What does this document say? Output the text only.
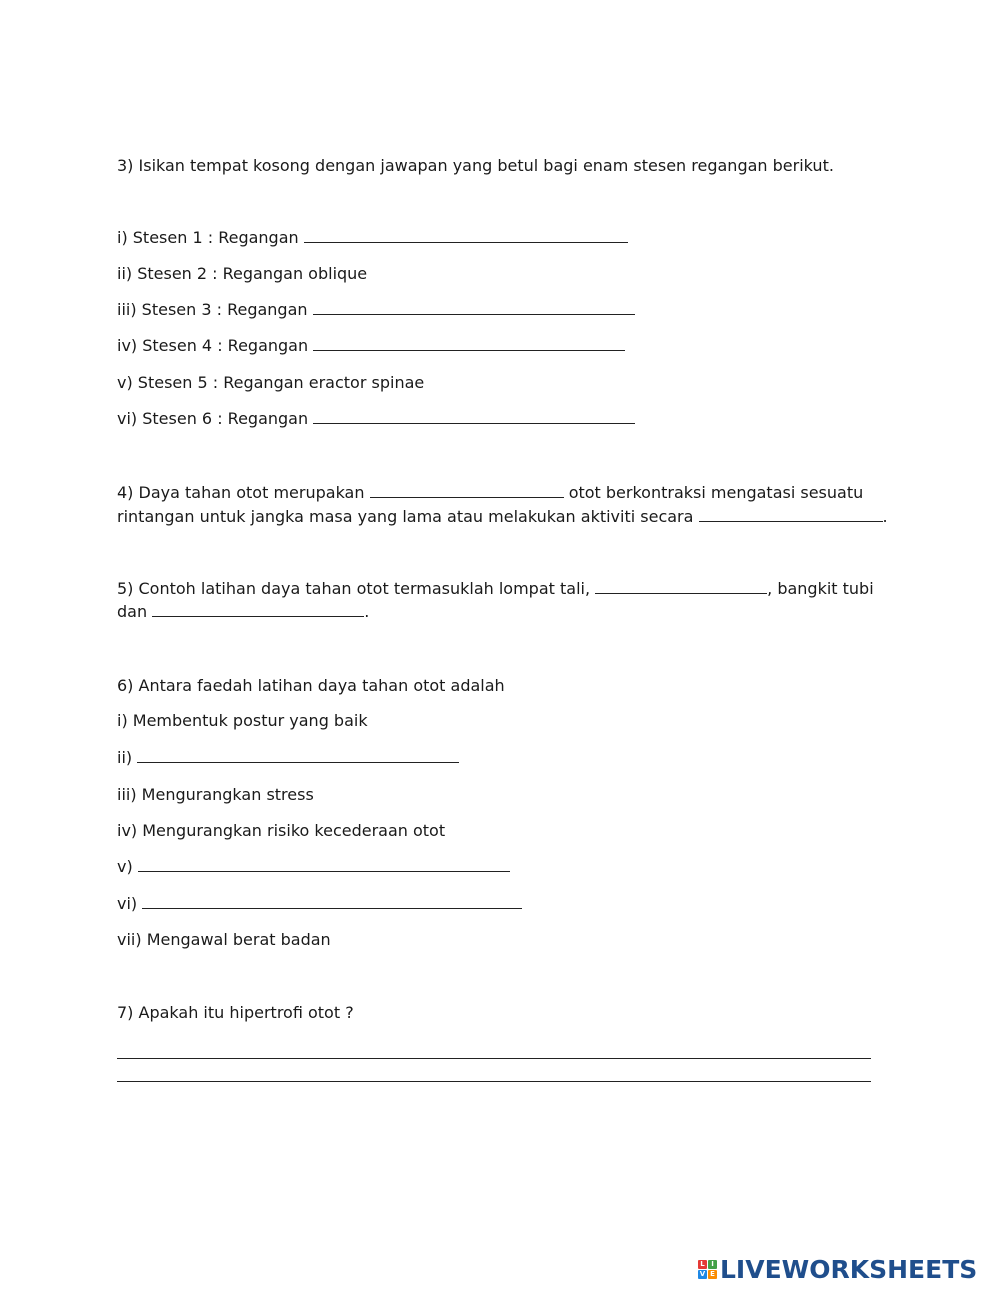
3) Isikan tempat kosong dengan jawapan yang betul bagi enam stesen regangan berikut.
i) Stesen 1 : Regangan
ii) Stesen 2 : Regangan oblique
iii) Stesen 3 : Regangan
iv) Stesen 4 : Regangan
v) Stesen 5 : Regangan eractor spinae
vi) Stesen 6 : Regangan
4) Daya tahan otot merupakan	otot berkontraksi mengatasi sesuatu
rintangan untuk jangka masa yang lama atau melakukan aktiviti secara	.
5) Contoh latihan daya tahan otot termasuklah lompat tali,	, bangkit tubi
dan	.
6) Antara faedah latihan daya tahan otot adalah
i) Membentuk postur yang baik
ii)
iii) Mengurangkan stress
iv) Mengurangkan risiko kecederaan otot
v)
vi)
vii) Mengawal berat badan
7) Apakah itu hipertrofi otot ?
L I
V E LIVEWORKSHEETS
